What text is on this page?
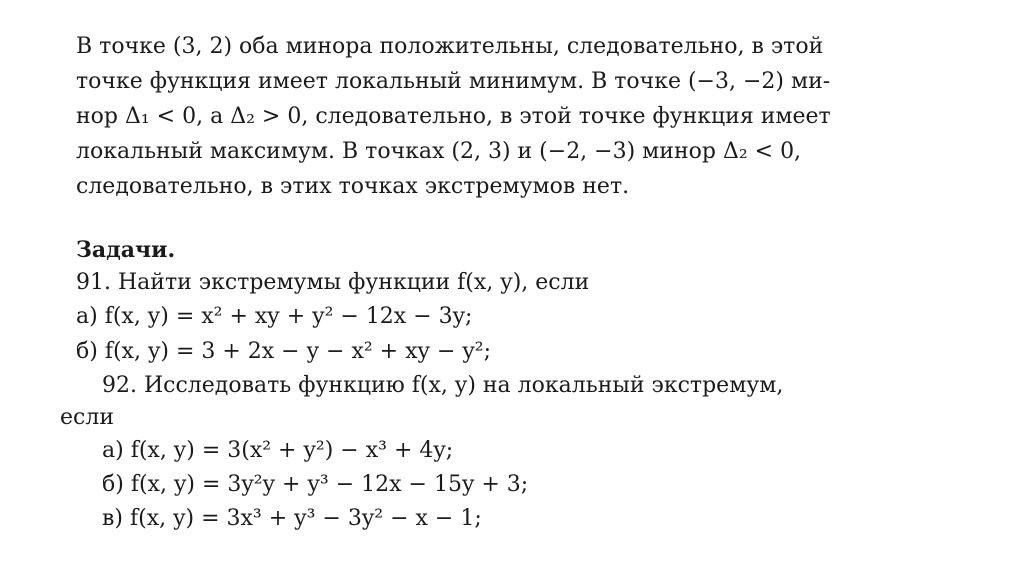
В точке (3, 2) оба минора положительны, следовательно, в этой
точке функция имеет локальный минимум. В точке (−3, −2) ми-
нор Δ₁ < 0, а Δ₂ > 0, следовательно, в этой точке функция имеет
локальный максимум. В точках (2, 3) и (−2, −3) минор Δ₂ < 0,
следовательно, в этих точках экстремумов нет.
Задачи.
91. Найти экстремумы функции f(x, y), если
а) f(x, y) = x² + xy + y² − 12x − 3y;
б) f(x, y) = 3 + 2x − y − x² + xy − y²;
92. Исследовать функцию f(x, y) на локальный экстремум,
если
а) f(x, y) = 3(x² + y²) − x³ + 4y;
б) f(x, y) = 3y²y + y³ − 12x − 15y + 3;
в) f(x, y) = 3x³ + y³ − 3y² − x − 1;
